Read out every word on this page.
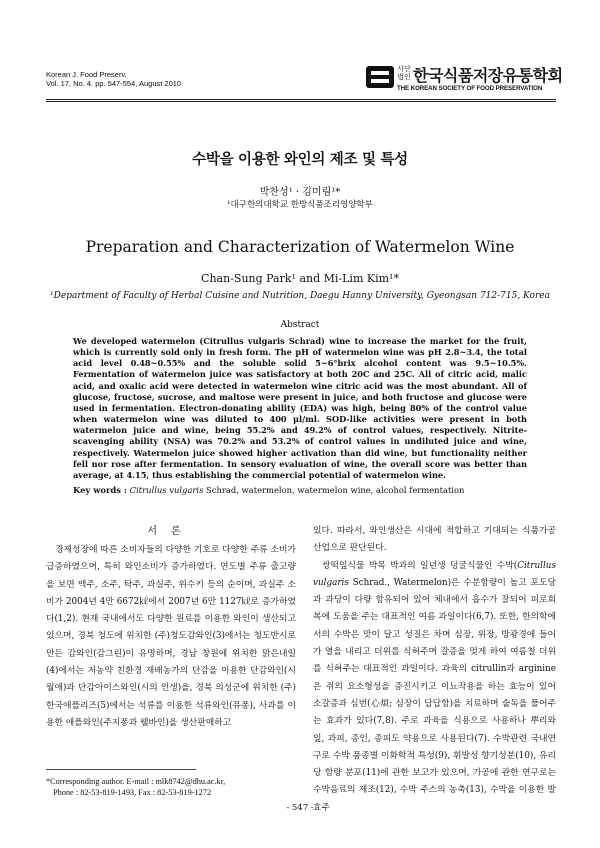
Korean J. Food Preserv.
Vol. 17, No. 4. pp. 547-554, August 2010
사단 법인 한국식품저장유통학회
THE KOREAN SOCIETY OF FOOD PRESERVATION
수박을 이용한 와인의 제조 및 특성
박찬성¹ · 김미림¹*
¹대구한의대학교 한방식품조리영양학부
Preparation and Characterization of Watermelon Wine
Chan-Sung Park¹ and Mi-Lim Kim¹*
¹Department of Faculty of Herbal Cuisine and Nutrition, Daegu Hanny University, Gyeongsan 712-715, Korea
Abstract
We developed watermelon (Citrullus vulgaris Schrad) wine to increase the market for the fruit, which is currently sold only in fresh form. The pH of watermelon wine was pH 2.8~3.4, the total acid level 0.48~0.55% and the soluble solid 5~6°brix alcohol content was 9.5~10.5%. Fermentation of watermelon juice was satisfactory at both 20C and 25C. All of citric acid, malic acid, and oxalic acid were detected in watermelon wine citric acid was the most abundant. All of glucose, fructose, sucrose, and maltose were present in juice, and both fructose and glucose were used in fermentation. Electron-donating ability (EDA) was high, being 80% of the control value when watermelon wine was diluted to 400 μl/ml. SOD-like activities were present in both watermelon juice and wine, being 55.2% and 49.2% of control values, respectively. Nitrite-scavenging ability (NSA) was 70.2% and 53.2% of control values in undiluted juice and wine, respectively. Watermelon juice showed higher activation than did wine, but functionality neither fell nor rose after fermentation. In sensory evaluation of wine, the overall score was better than average, at 4.15, thus establishing the commercial potential of watermelon wine.
Key words : Citrullus vulgaris Schrad, watermelon, watermelon wine, alcohol fermentation
서론

경제성장에 따른 소비자들의 다양한 기호로 다양한 주류 소비가 급증하였으며, 특히 와인소비가 증가하였다. 연도별 주류 출고량을 보면 맥주, 소주, 탁주, 과실주, 위수키 등의 순이며, 과실주 소비가 2004년 4만 6672㎘에서 2007년 6만 1127㎘로 증가하였다(1,2). 현재 국내에서도 다양한 원료를 이용한 와인이 생산되고 있으며, 경북 청도에 위치한 (주)청도감와인(3)에서는 청도반시로 만든 감와인(감그린)이 유명하며, 경남 창원에 위치한 맑은내일(4)에서는 저농약 친환경 재배농가의 단감을 이용한 단감와인(시월애)과 단감아이스와인(시의 인생)을, 경북 의성군에 위치한 (주)한국애플리즈(5)에서는 석류를 이용한 석류와인(뮤퐁), 사과를 이용한 애플와인(주지퐁과 웰바인)을 생산판매하고

있다. 따라서, 와인생산은 시대에 적합하고 기대되는 식품가공산업으로 판단된다.

쌍떡잎식물 박목 박과의 일년생 덩굴식물인 수박(Citrullus vulgaris Schrad., Watermelon)은 수분함량이 높고 포도당과 과당이 다량 함유되어 있어 체내에서 흡수가 잘되어 피로회복에 도움을 주는 대표적인 여름 과일이다(6,7). 또한, 한의학에서의 수박은 맛이 달고 성질은 차며 심장, 위장, 방광경에 들어가 열을 내리고 더위를 식혀주며 갈증을 멎게 하여 여름철 더위를 식혀주는 대표적인 과일이다. 과육의 citrullin과 arginine은 쥐의 요소형성을 증진시키고 이뇨작용을 하는 효능이 있어 소갈증과 심번(心煩; 심장이 답답함)을 치료하며 술독을 풀어주는 효과가 있다(7,8). 주로 과육을 식용으로 사용하나 뿌리와 잎, 과피, 종인, 종피도 약용으로 사용된다(7). 수박관련 국내연구로 수박 품종별 이화학적 특성(9), 휘발성 향기성분(10), 유리당 함량 분포(11)에 관한 보고가 있으며, 가공에 관한 연구로는 수박음료의 제조(12), 수박 주스의 농축(13), 수박을 이용한 발효주

*Corresponding author. E-mail : mlk8742@dhu.ac.kr,
Phone : 82-53-819-1493, Fax : 82-53-819-1272
- 547 -
